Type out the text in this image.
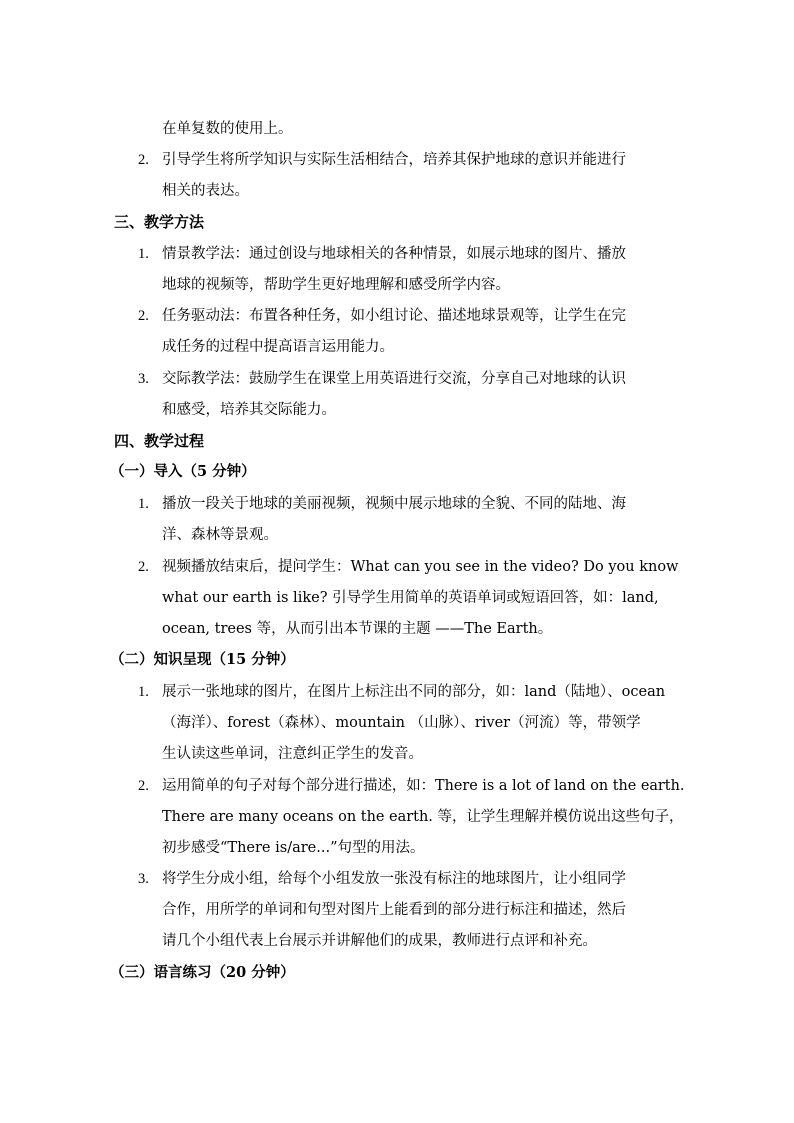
在单复数的使用上。
2. 引导学生将所学知识与实际生活相结合，培养其保护地球的意识并能进行
相关的表达。
三、教学方法
1. 情景教学法：通过创设与地球相关的各种情景，如展示地球的图片、播放
地球的视频等，帮助学生更好地理解和感受所学内容。
2. 任务驱动法：布置各种任务，如小组讨论、描述地球景观等，让学生在完
成任务的过程中提高语言运用能力。
3. 交际教学法：鼓励学生在课堂上用英语进行交流，分享自己对地球的认识
和感受，培养其交际能力。
四、教学过程
（一）导入（5 分钟）
1. 播放一段关于地球的美丽视频，视频中展示地球的全貌、不同的陆地、海
洋、森林等景观。
2. 视频播放结束后，提问学生：What can you see in the video? Do you know
what our earth is like? 引导学生用简单的英语单词或短语回答，如：land,
ocean, trees 等，从而引出本节课的主题 ——The Earth。
（二）知识呈现（15 分钟）
1. 展示一张地球的图片，在图片上标注出不同的部分，如：land（陆地）、ocean
（海洋）、forest（森林）、mountain （山脉）、river（河流）等，带领学
生认读这些单词，注意纠正学生的发音。
2. 运用简单的句子对每个部分进行描述，如：There is a lot of land on the earth.
There are many oceans on the earth. 等，让学生理解并模仿说出这些句子，
初步感受“There is/are...”句型的用法。
3. 将学生分成小组，给每个小组发放一张没有标注的地球图片，让小组同学
合作，用所学的单词和句型对图片上能看到的部分进行标注和描述，然后
请几个小组代表上台展示并讲解他们的成果，教师进行点评和补充。
（三）语言练习（20 分钟）
